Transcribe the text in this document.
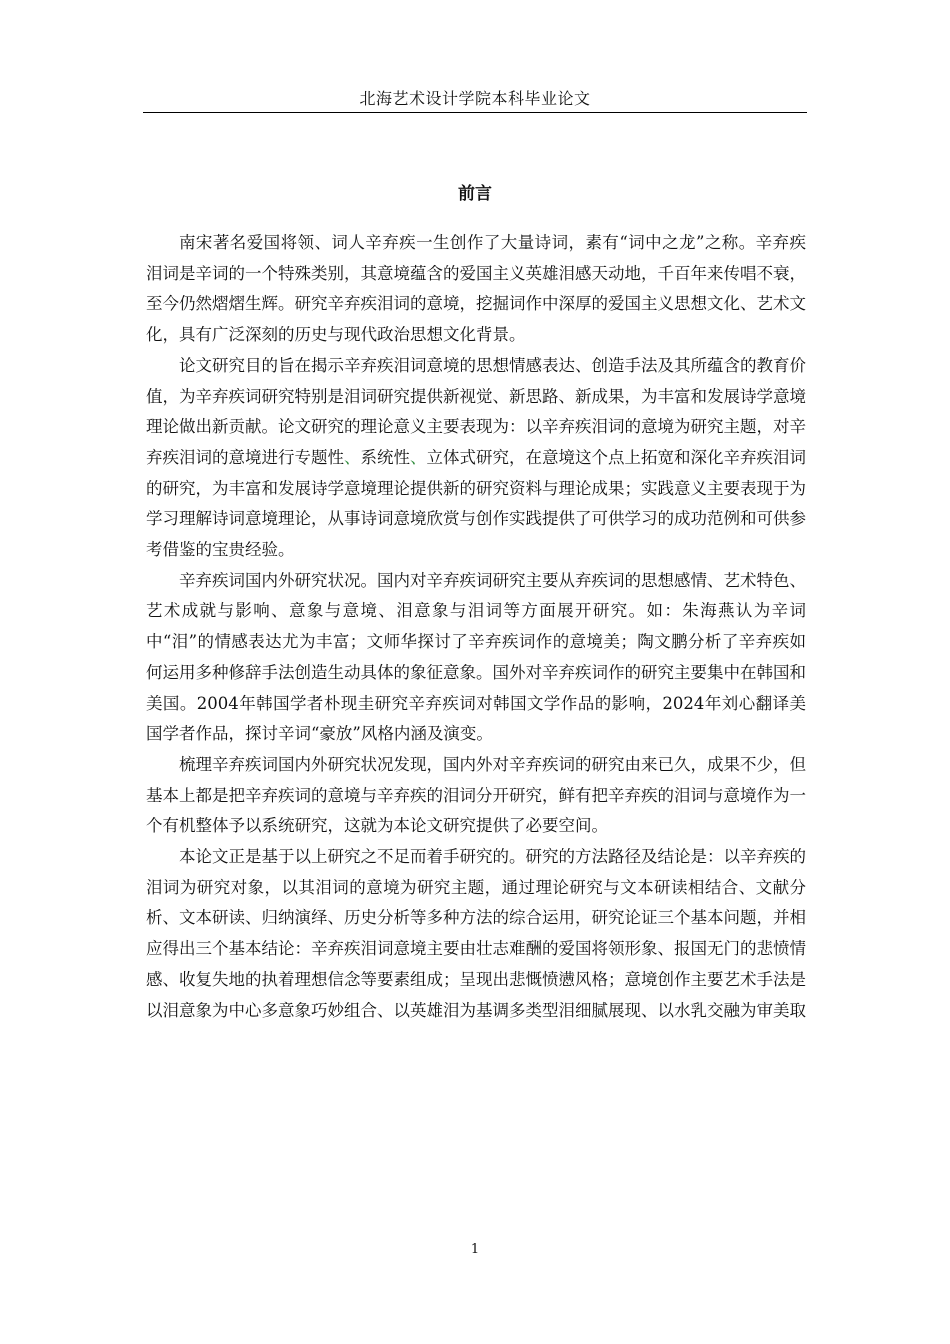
北海艺术设计学院本科毕业论文
前言

南宋著名爱国将领、词人辛弃疾一生创作了大量诗词，素有“词中之龙”之称。辛弃疾泪词是辛词的一个特殊类别，其意境蕴含的爱国主义英雄泪感天动地，千百年来传唱不衰，至今仍然熠熠生辉。研究辛弃疾泪词的意境，挖掘词作中深厚的爱国主义思想文化、艺术文化，具有广泛深刻的历史与现代政治思想文化背景。

论文研究目的旨在揭示辛弃疾泪词意境的思想情感表达、创造手法及其所蕴含的教育价值，为辛弃疾词研究特别是泪词研究提供新视觉、新思路、新成果，为丰富和发展诗学意境理论做出新贡献。论文研究的理论意义主要表现为：以辛弃疾泪词的意境为研究主题，对辛弃疾泪词的意境进行专题性、系统性、立体式研究，在意境这个点上拓宽和深化辛弃疾泪词的研究，为丰富和发展诗学意境理论提供新的研究资料与理论成果；实践意义主要表现于为学习理解诗词意境理论，从事诗词意境欣赏与创作实践提供了可供学习的成功范例和可供参考借鉴的宝贵经验。

辛弃疾词国内外研究状况。国内对辛弃疾词研究主要从弃疾词的思想感情、艺术特色、艺术成就与影响、意象与意境、泪意象与泪词等方面展开研究。如：朱海燕认为辛词中“泪”的情感表达尤为丰富；文师华探讨了辛弃疾词作的意境美；陶文鹏分析了辛弃疾如何运用多种修辞手法创造生动具体的象征意象。国外对辛弃疾词作的研究主要集中在韩国和美国。2004年韩国学者朴现圭研究辛弃疾词对韩国文学作品的影响，2024年刘心翻译美国学者作品，探讨辛词“豪放”风格内涵及演变。

梳理辛弃疾词国内外研究状况发现，国内外对辛弃疾词的研究由来已久，成果不少，但基本上都是把辛弃疾词的意境与辛弃疾的泪词分开研究，鲜有把辛弃疾的泪词与意境作为一个有机整体予以系统研究，这就为本论文研究提供了必要空间。

本论文正是基于以上研究之不足而着手研究的。研究的方法路径及结论是：以辛弃疾的泪词为研究对象，以其泪词的意境为研究主题，通过理论研究与文本研读相结合、文献分析、文本研读、归纳演绎、历史分析等多种方法的综合运用，研究论证三个基本问题，并相应得出三个基本结论：辛弃疾泪词意境主要由壮志难酬的爱国将领形象、报国无门的悲愤情感、收复失地的执着理想信念等要素组成；呈现出悲慨愤懑风格；意境创作主要艺术手法是以泪意象为中心多意象巧妙组合、以英雄泪为基调多类型泪细腻展现、以水乳交融为审美取

1
